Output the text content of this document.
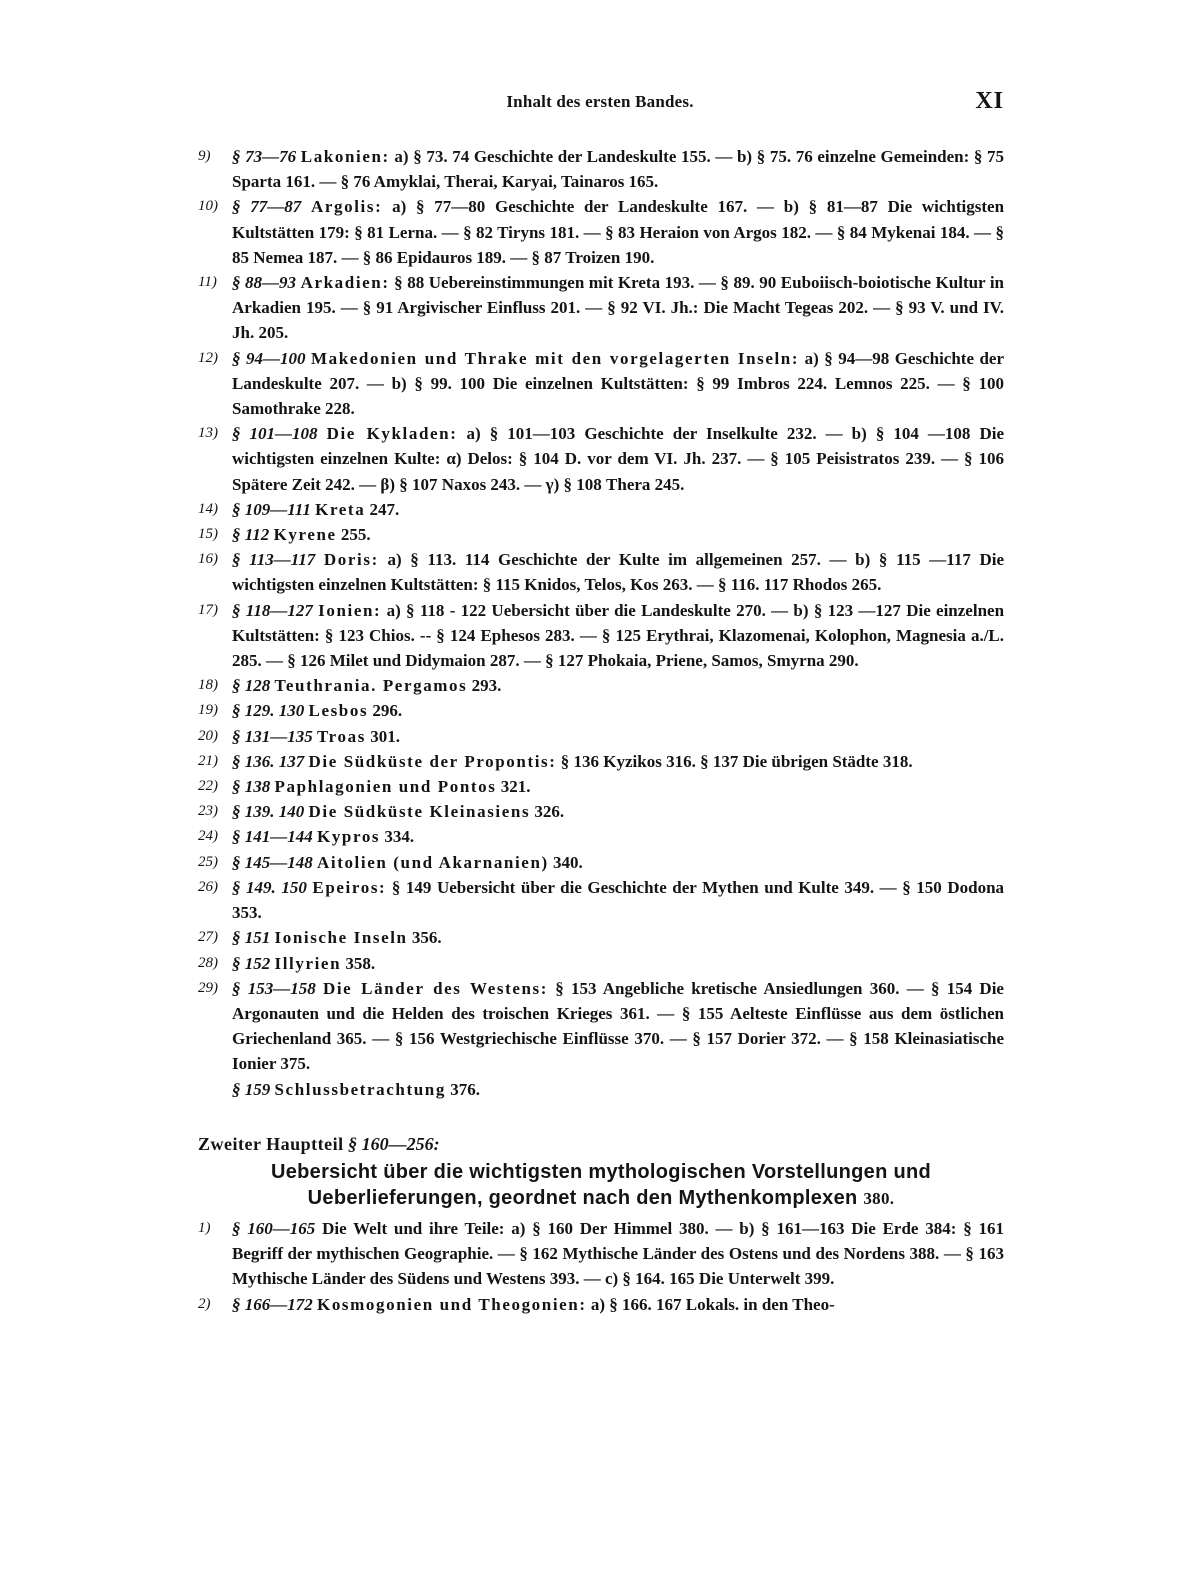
Inhalt des ersten Bandes.	XI
9) § 73—76 Lakonien: a) § 73. 74 Geschichte der Landeskulte 155. — b) § 75. 76 einzelne Gemeinden: § 75 Sparta 161. — § 76 Amyklai, Therai, Karyai, Tainaros 165.
10) § 77—87 Argolis: a) § 77—80 Geschichte der Landeskulte 167. — b) § 81—87 Die wichtigsten Kultstätten 179: § 81 Lerna. — § 82 Tiryns 181. — § 83 Heraion von Argos 182. — § 84 Mykenai 184. — § 85 Nemea 187. — § 86 Epidauros 189. — § 87 Troizen 190.
11) § 88—93 Arkadien: § 88 Uebereinstimmungen mit Kreta 193. — § 89. 90 Euboiisch-boiotische Kultur in Arkadien 195. — § 91 Argivischer Einfluss 201. — § 92 VI. Jh.: Die Macht Tegeas 202. — § 93 V. und IV. Jh. 205.
12) § 94—100 Makedonien und Thrake mit den vorgelagerten Inseln: a) § 94—98 Geschichte der Landeskulte 207. — b) § 99. 100 Die einzelnen Kultstätten: § 99 Imbros 224. Lemnos 225. — § 100 Samothrake 228.
13) § 101—108 Die Kykladen: a) § 101—103 Geschichte der Inselkulte 232. — b) § 104 —108 Die wichtigsten einzelnen Kulte: α) Delos: § 104 D. vor dem VI. Jh. 237. — § 105 Peisistratos 239. — § 106 Spätere Zeit 242. — β) § 107 Naxos 243. — γ) § 108 Thera 245.
14) § 109—111 Kreta 247.
15) § 112 Kyrene 255.
16) § 113—117 Doris: a) § 113. 114 Geschichte der Kulte im allgemeinen 257. — b) § 115 —117 Die wichtigsten einzelnen Kultstätten: § 115 Knidos, Telos, Kos 263. — § 116. 117 Rhodos 265.
17) § 118—127 Ionien: a) § 118 - 122 Uebersicht über die Landeskulte 270. — b) § 123 —127 Die einzelnen Kultstätten: § 123 Chios. -- § 124 Ephesos 283. — § 125 Erythrai, Klazomenai, Kolophon, Magnesia a./L. 285. — § 126 Milet und Didymaion 287. — § 127 Phokaia, Priene, Samos, Smyrna 290.
18) § 128 Teuthrania. Pergamos 293.
19) § 129. 130 Lesbos 296.
20) § 131—135 Troas 301.
21) § 136. 137 Die Südküste der Propontis: § 136 Kyzikos 316. § 137 Die übrigen Städte 318.
22) § 138 Paphlagonien und Pontos 321.
23) § 139. 140 Die Südküste Kleinasiens 326.
24) § 141—144 Kypros 334.
25) § 145—148 Aitolien (und Akarnanien) 340.
26) § 149. 150 Epeiros: § 149 Uebersicht über die Geschichte der Mythen und Kulte 349. — § 150 Dodona 353.
27) § 151 Ionische Inseln 356.
28) § 152 Illyrien 358.
29) § 153—158 Die Länder des Westens: § 153 Angebliche kretische Ansiedlungen 360. — § 154 Die Argonauten und die Helden des troischen Krieges 361. — § 155 Aelteste Einflüsse aus dem östlichen Griechenland 365. — § 156 Westgriechische Einflüsse 370. — § 157 Dorier 372. — § 158 Kleinasiatische Ionier 375.
§ 159 Schlussbetrachtung 376.
Zweiter Hauptteil § 160—256:
Uebersicht über die wichtigsten mythologischen Vorstellungen und Ueberlieferungen, geordnet nach den Mythenkomplexen 380.
1) § 160—165 Die Welt und ihre Teile: a) § 160 Der Himmel 380. — b) § 161—163 Die Erde 384: § 161 Begriff der mythischen Geographie. — § 162 Mythische Länder des Ostens und des Nordens 388. — § 163 Mythische Länder des Südens und Westens 393. — c) § 164. 165 Die Unterwelt 399.
2) § 166—172 Kosmogonien und Theogonien: a) § 166. 167 Lokals. in den Theo-
